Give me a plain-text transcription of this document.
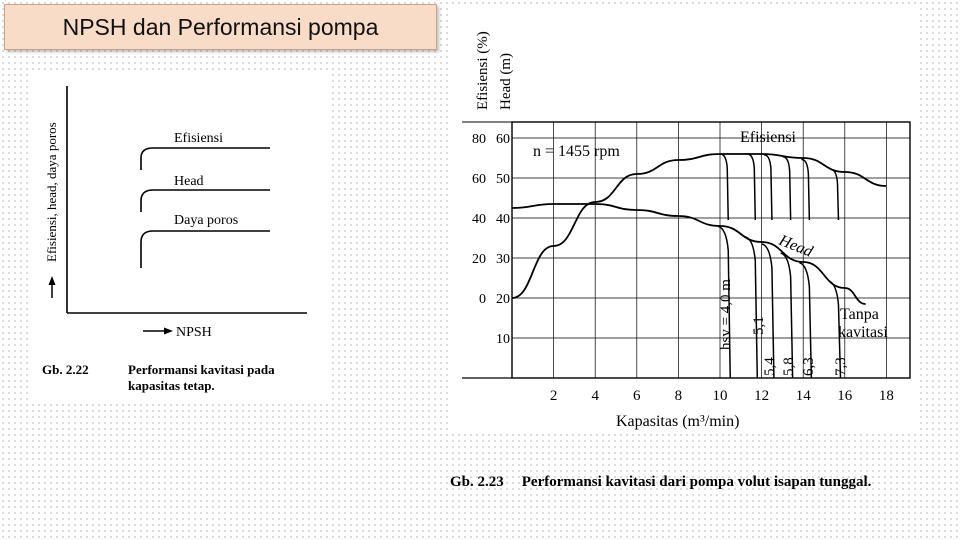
NPSH dan Performansi pompa
Efisiensi, head, daya poros
NPSH
Efisiensi
Head
Daya poros
Gb. 2.22	Performansi kavitasi pada kapasitas tetap.
Efisiensi (%) Head (m)
2 4 6 8 10 12 14 16 18
60
50
40
30
20
10
80
60
40
20
0
n = 1455 rpm
Efisiensi
Head
Tanpa
kavitasi
Kapasitas (m³/min)
hsv = 4,0 m 5,1
5,4 5,8 6,3 7,3
Gb. 2.23 Performansi kavitasi dari pompa volut isapan tunggal.
